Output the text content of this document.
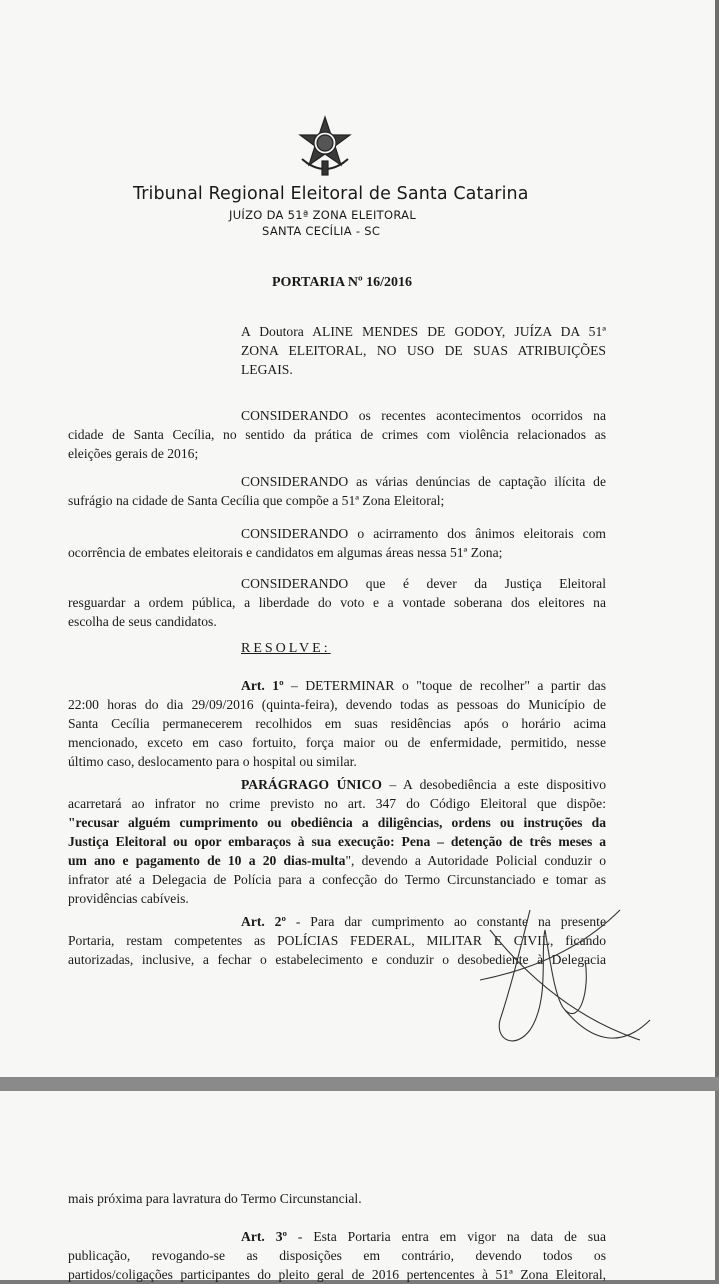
Tribunal Regional Eleitoral de Santa Catarina
JUÍZO DA 51ª ZONA ELEITORAL
SANTA CECÍLIA - SC
PORTARIA Nº 16/2016
A Doutora ALINE MENDES DE GODOY, JUÍZA DA 51ª
ZONA ELEITORAL, NO USO DE SUAS ATRIBUIÇÕES
LEGAIS.
CONSIDERANDO os recentes acontecimentos ocorridos na
cidade de Santa Cecília, no sentido da prática de crimes com violência relacionados as
eleições gerais de 2016;
CONSIDERANDO as várias denúncias de captação ilícita de
sufrágio na cidade de Santa Cecília que compõe a 51ª Zona Eleitoral;
CONSIDERANDO o acirramento dos ânimos eleitorais com
ocorrência de embates eleitorais e candidatos em algumas áreas nessa 51ª Zona;
CONSIDERANDO que é dever da Justiça Eleitoral
resguardar a ordem pública, a liberdade do voto e a vontade soberana dos eleitores na
escolha de seus candidatos.
RESOLVE:
Art. 1º – DETERMINAR o "toque de recolher" a partir das
22:00 horas do dia 29/09/2016 (quinta-feira), devendo todas as pessoas do Município de
Santa Cecília permanecerem recolhidos em suas residências após o horário acima
mencionado, exceto em caso fortuito, força maior ou de enfermidade, permitido, nesse
último caso, deslocamento para o hospital ou similar.
PARÁGRAGO ÚNICO – A desobediência a este dispositivo
acarretará ao infrator no crime previsto no art. 347 do Código Eleitoral que dispõe:
"recusar alguém cumprimento ou obediência a diligências, ordens ou instruções da
Justiça Eleitoral ou opor embaraços à sua execução: Pena – detenção de três meses a
um ano e pagamento de 10 a 20 dias-multa", devendo a Autoridade Policial conduzir o
infrator até a Delegacia de Polícia para a confecção do Termo Circunstanciado e tomar as
providências cabíveis.
Art. 2º - Para dar cumprimento ao constante na presente
Portaria, restam competentes as POLÍCIAS FEDERAL, MILITAR E CIVIL, ficando
autorizadas, inclusive, a fechar o estabelecimento e conduzir o desobediente à Delegacia
mais próxima para lavratura do Termo Circunstancial.
Art. 3º - Esta Portaria entra em vigor na data de sua
publicação, revogando-se as disposições em contrário, devendo todos os
partidos/coligações participantes do pleito geral de 2016 pertencentes à 51ª Zona Eleitoral,
